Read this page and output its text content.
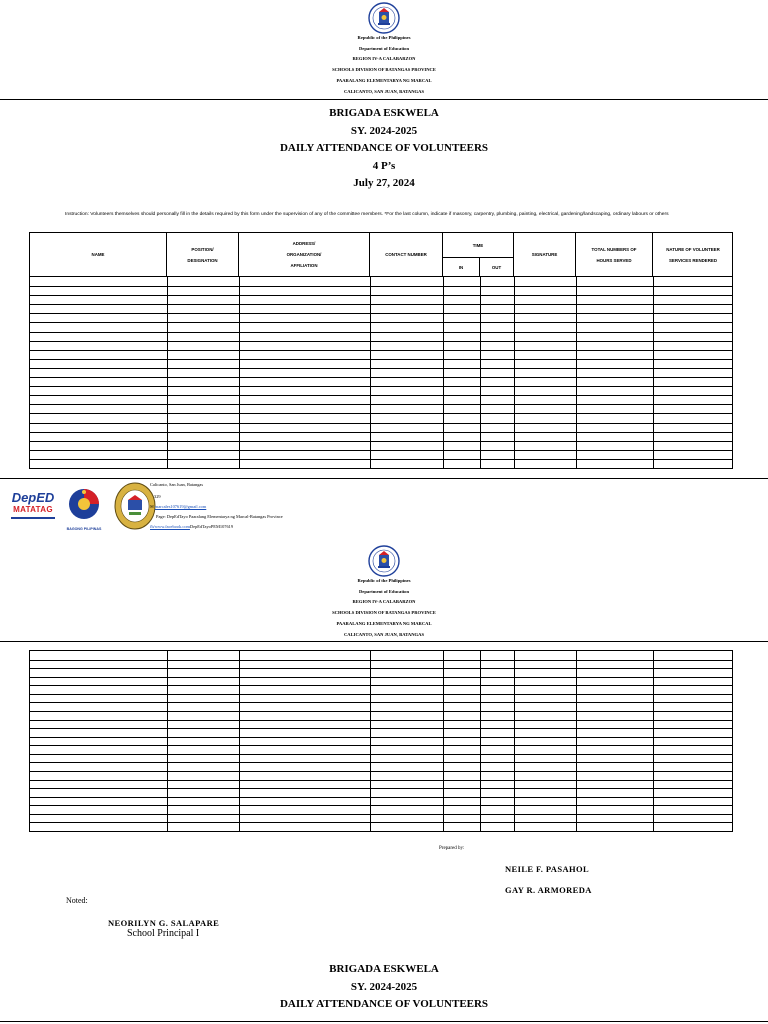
Republic of the Philippines
Department of Education
REGION IV-A CALABARZON
SCHOOLS DIVISION OF BATANGAS PROVINCE
PAARALANG ELEMENTARYA NG MARCAL
CALICANTO, SAN JUAN, BATANGAS
BRIGADA ESKWELA
SY. 2024-2025
DAILY ATTENDANCE OF VOLUNTEERS
4 P’s
July 27, 2024
Instruction: Volunteers themselves should personally fill in the details required by this form under the supervision of any of the committee members. *For the last column, indicate if masonry, carpentry, plumbing, painting, electrical, gardening/landscaping, ordinary labours or others
NAME
POSITION/
DESIGNATION
ADDRESS/
ORGANIZATION/
AFFILIATION
CONTACT NUMBER
TIME
IN	OUT
SIGNATURE
TOTAL NUMBERS OF
HOURS SERVED
NATURE OF VOLUNTEER
SERVICES RENDERED
DepED
MATATAG
BAGONG PILIPINAS
Calicanto, San Juan, Batangas
329
✉ marcales107619@gmail.com
Page: DepEdTayo Paaralang Elementarya ng Marcal-Batangas Province
fb/www.facebook.comDepEdTayoPEM107619
Republic of the Philippines
Department of Education
REGION IV-A CALABARZON
SCHOOLS DIVISION OF BATANGAS PROVINCE
PAARALANG ELEMENTARYA NG MARCAL
CALICANTO, SAN JUAN, BATANGAS
Prepared by:
NEILE F. PASAHOL
GAY R. ARMOREDA
Noted:
NEORILYN G. SALAPARE
School Principal I
BRIGADA ESKWELA
SY. 2024-2025
DAILY ATTENDANCE OF VOLUNTEERS
